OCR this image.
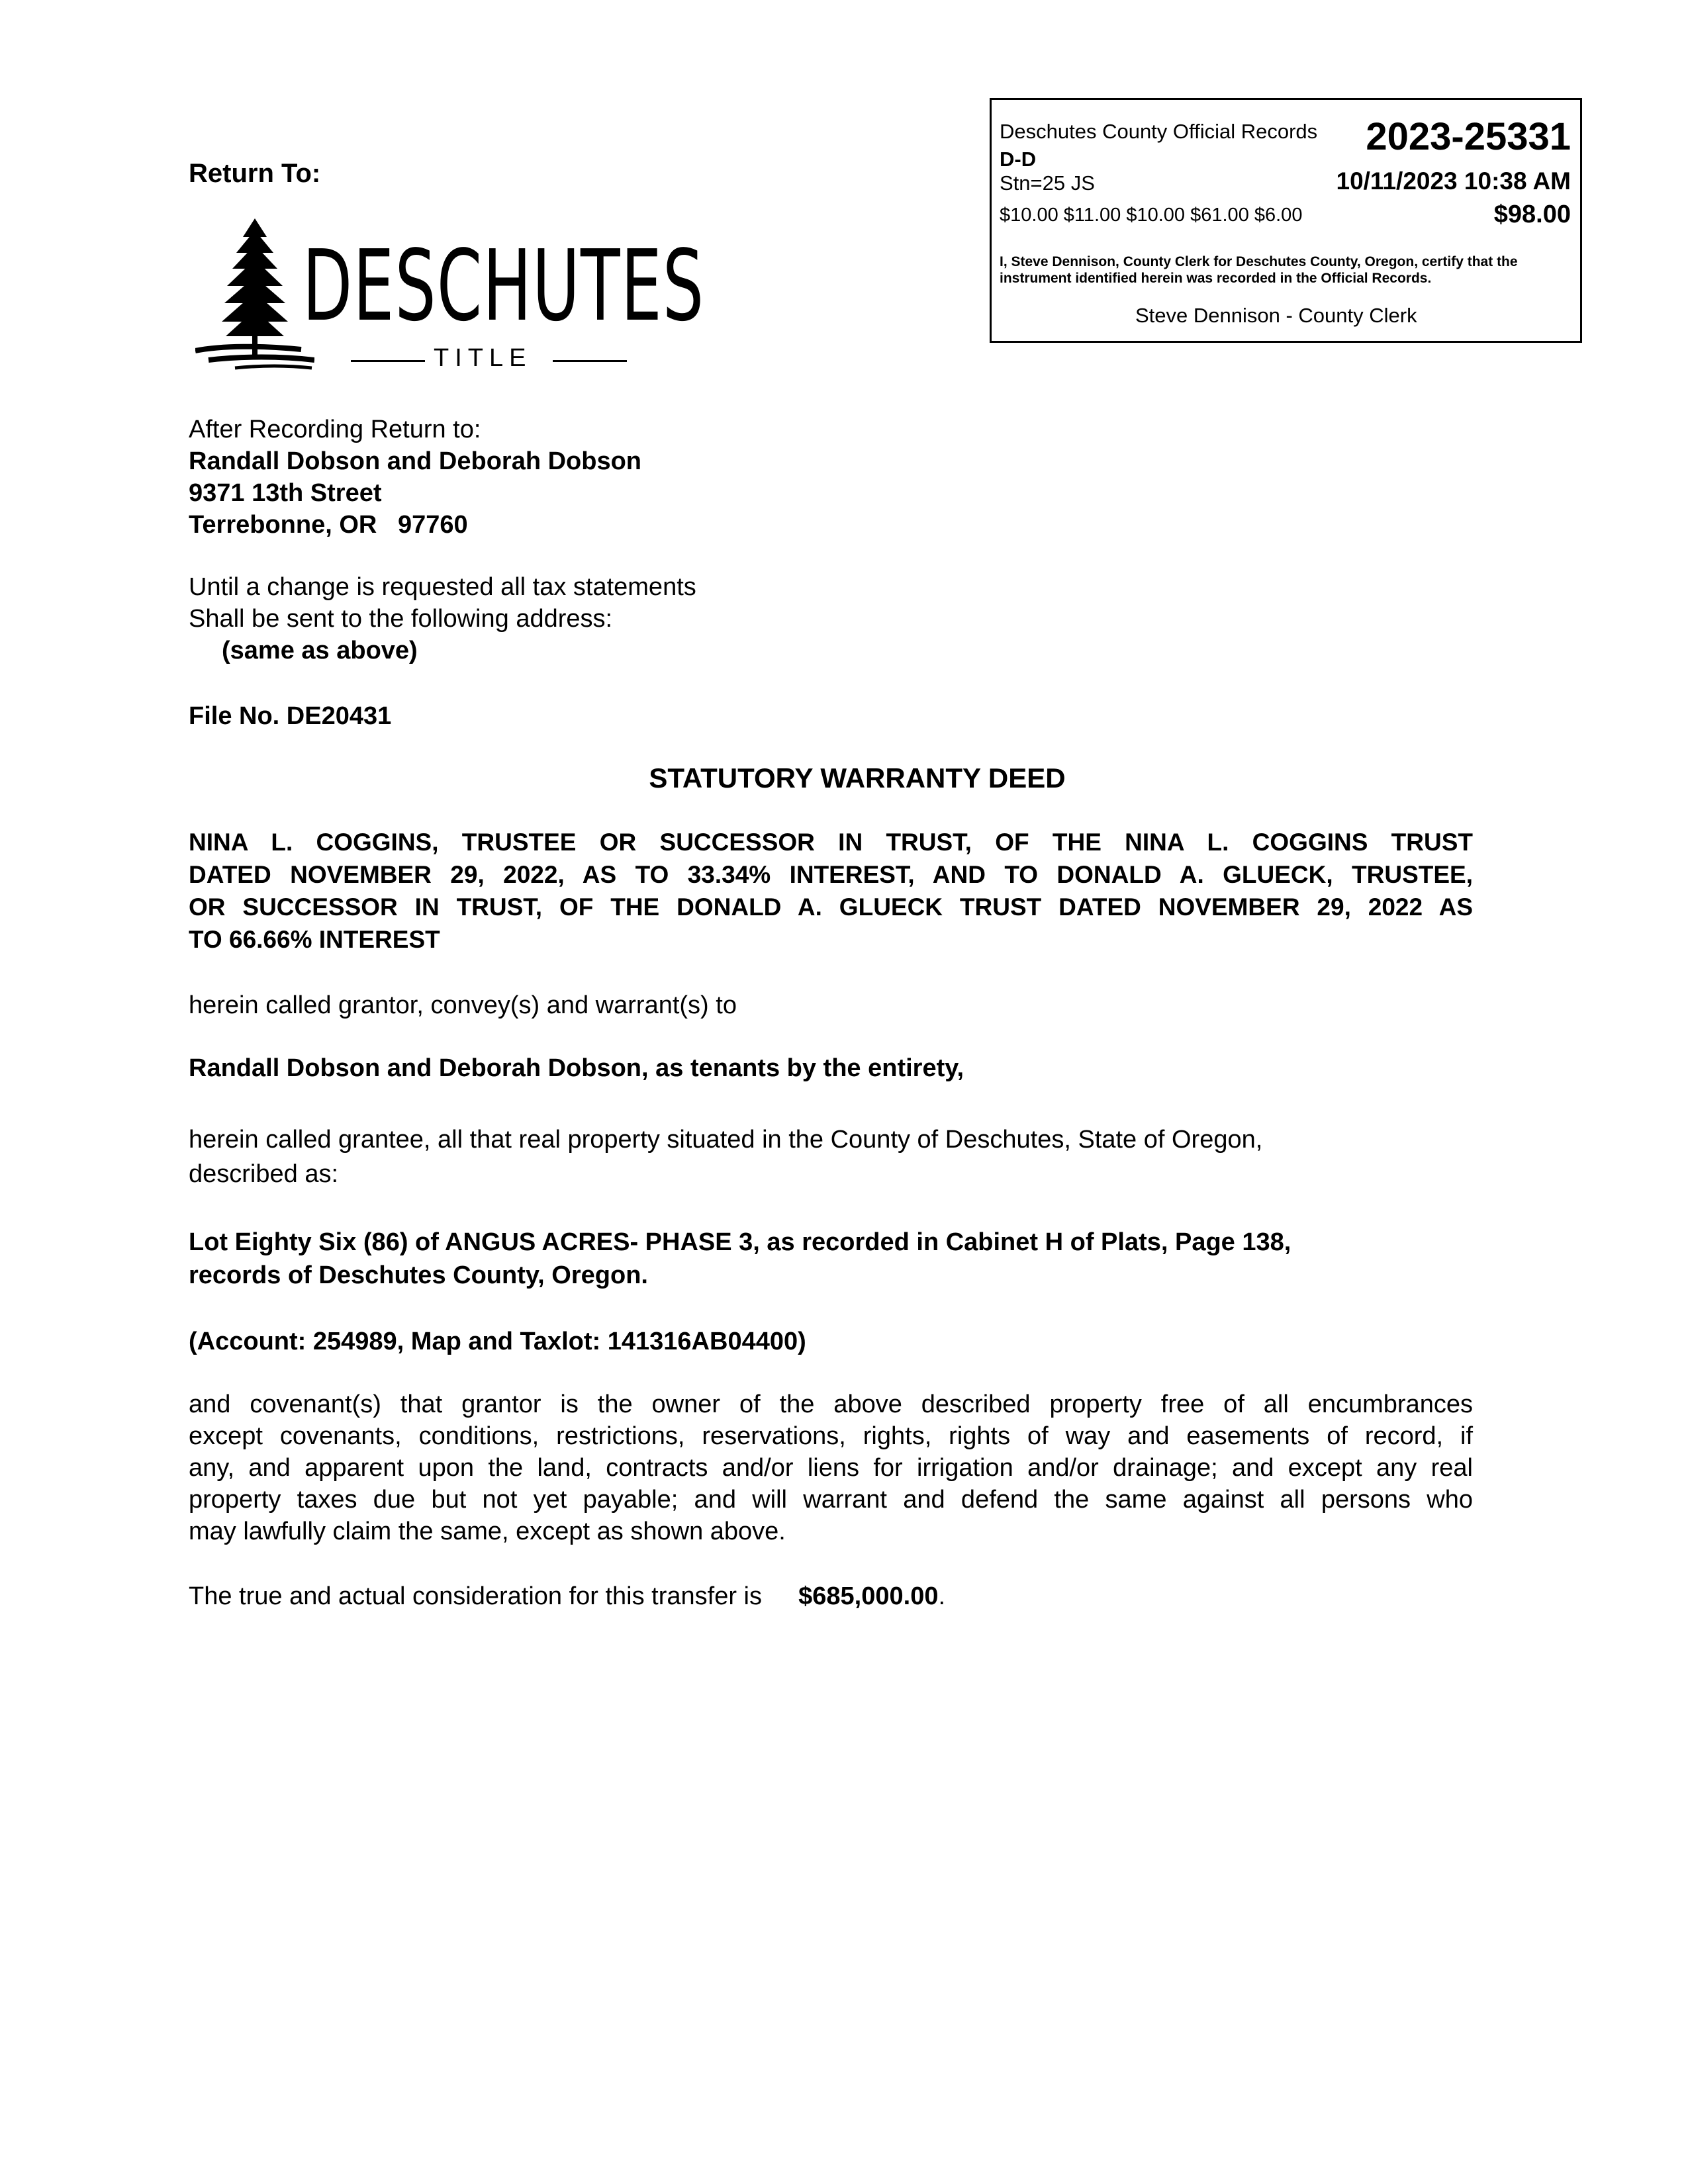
Return To:
DESCHUTES
TITLE
Deschutes County Official Records 2023-25331
D-D
Stn=25 JS	10/11/2023 10:38 AM
$10.00 $11.00 $10.00 $61.00 $6.00	$98.00
I, Steve Dennison, County Clerk for Deschutes County, Oregon, certify that the instrument identified herein was recorded in the Official Records.
Steve Dennison - County Clerk
After Recording Return to:
Randall Dobson and Deborah Dobson
9371 13th Street
Terrebonne, OR   97760
Until a change is requested all tax statements
Shall be sent to the following address:
(same as above)
File No. DE20431
STATUTORY WARRANTY DEED
NINA L. COGGINS, TRUSTEE OR SUCCESSOR IN TRUST, OF THE NINA L. COGGINS TRUST
DATED NOVEMBER 29, 2022, AS TO 33.34% INTEREST, AND TO DONALD A. GLUECK, TRUSTEE,
OR SUCCESSOR IN TRUST, OF THE DONALD A. GLUECK TRUST DATED NOVEMBER 29, 2022 AS
TO 66.66% INTEREST
herein called grantor, convey(s) and warrant(s) to
Randall Dobson and Deborah Dobson, as tenants by the entirety,
herein called grantee, all that real property situated in the County of Deschutes, State of Oregon,
described as:
Lot Eighty Six (86) of ANGUS ACRES- PHASE 3, as recorded in Cabinet H of Plats, Page 138,
records of Deschutes County, Oregon.
(Account: 254989, Map and Taxlot: 141316AB04400)
and covenant(s) that grantor is the owner of the above described property free of all encumbrances
except covenants, conditions, restrictions, reservations, rights, rights of way and easements of record, if
any, and apparent upon the land, contracts and/or liens for irrigation and/or drainage; and except any real
property taxes due but not yet payable; and will warrant and defend the same against all persons who
may lawfully claim the same, except as shown above.
The true and actual consideration for this transfer is $685,000.00.
